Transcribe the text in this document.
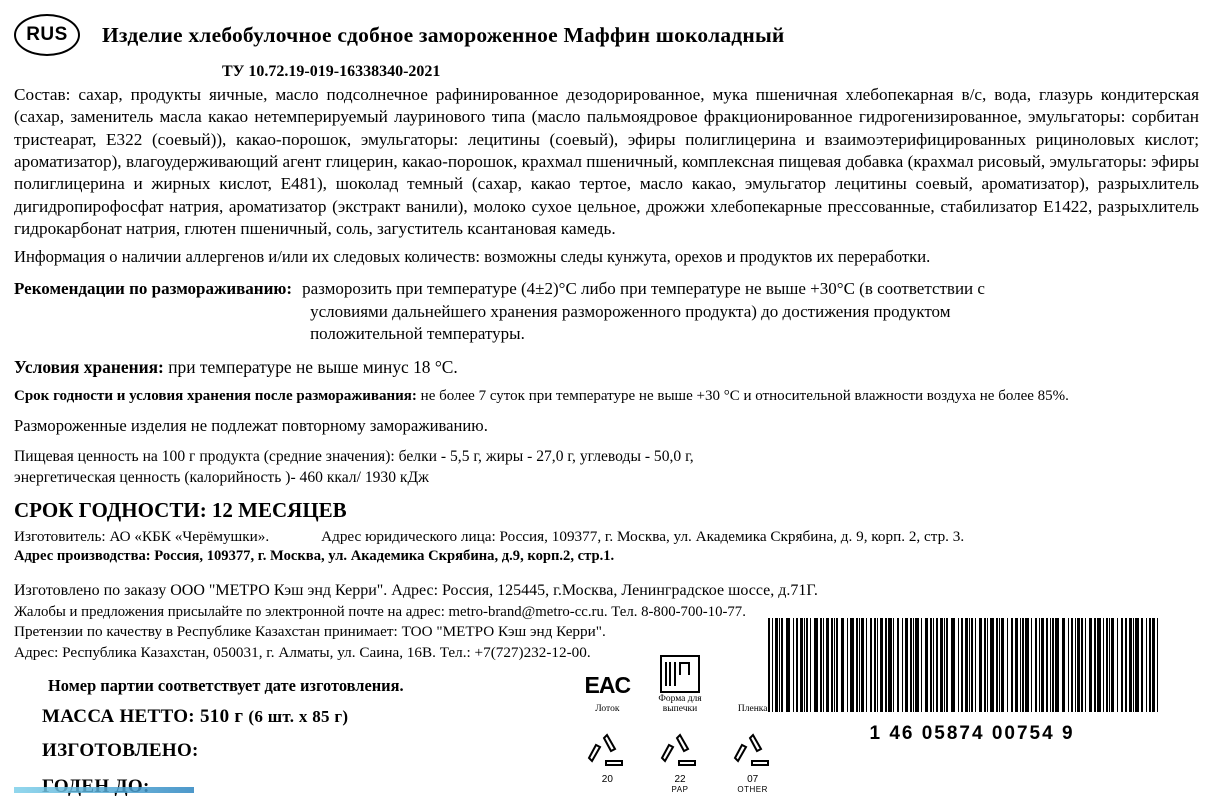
RUS	Изделие хлебобулочное сдобное замороженное Маффин шоколадный
ТУ 10.72.19-019-16338340-2021
Состав: сахар, продукты яичные, масло подсолнечное рафинированное дезодорированное, мука пшеничная хлебопекарная в/с, вода, глазурь кондитерская (сахар, заменитель масла какао нетемперируемый лауринового типа (масло пальмоядровое фракционированное гидрогенизированное, эмульгаторы: сорбитан тристеарат, Е322 (соевый)), какао-порошок, эмульгаторы: лецитины (соевый), эфиры полиглицерина и взаимоэтерифицированных рициноловых кислот; ароматизатор), влагоудерживающий агент глицерин, какао-порошок, крахмал пшеничный, комплексная пищевая добавка (крахмал рисовый, эмульгаторы: эфиры полиглицерина и жирных кислот, Е481), шоколад темный (сахар, какао тертое, масло какао, эмульгатор лецитины соевый, ароматизатор), разрыхлитель дигидропирофосфат натрия, ароматизатор (экстракт ванили), молоко сухое цельное, дрожжи хлебопекарные прессованные, стабилизатор Е1422, разрыхлитель гидрокарбонат натрия, глютен пшеничный, соль, загуститель ксантановая камедь.
Информация о наличии аллергенов и/или их следовых количеств: возможны следы кунжута, орехов и продуктов их переработки.
Рекомендации по размораживанию: разморозить при температуре (4±2)°С либо при температуре не выше +30°С (в соответствии с
условиями дальнейшего хранения размороженного продукта) до достижения продуктом
положительной температуры.
Условия хранения: при температуре не выше минус 18 °С.
Срок годности и условия хранения после размораживания: не более 7 суток при температуре не выше +30 °С и относительной влажности воздуха не более 85%.
Размороженные изделия не подлежат повторному замораживанию.
Пищевая ценность на 100 г продукта (средние значения): белки - 5,5 г, жиры - 27,0 г, углеводы - 50,0 г,
энергетическая ценность (калорийность )- 460 ккал/ 1930 кДж
СРОК ГОДНОСТИ: 12 МЕСЯЦЕВ
Изготовитель: АО «КБК «Черёмушки».	Адрес юридического лица: Россия, 109377, г. Москва, ул. Академика Скрябина, д. 9, корп. 2, стр. 3.
Адрес производства: Россия, 109377, г. Москва, ул. Академика Скрябина, д.9, корп.2, стр.1.
Изготовлено по заказу ООО "МЕТРО Кэш энд Керри". Адрес: Россия, 125445, г.Москва, Ленинградское шоссе, д.71Г.
Жалобы и предложения присылайте по электронной почте на адрес: metro-brand@metro-cc.ru. Тел. 8-800-700-10-77.
Претензии по качеству в Республике Казахстан принимает: ТОО "МЕТРО Кэш энд Керри".
Адрес: Республика Казахстан, 050031, г. Алматы, ул. Саина, 16В. Тел.: +7(727)232-12-00.
Номер партии соответствует дате изготовления.
МАССА НЕТТО: 510 г (6 шт. х 85 г)
ИЗГОТОВЛЕНО:
ЕAC
Лоток
Форма для выпечки	Пленка
20	22
PAP
07
OTHER
1 46 05874 00754 9
